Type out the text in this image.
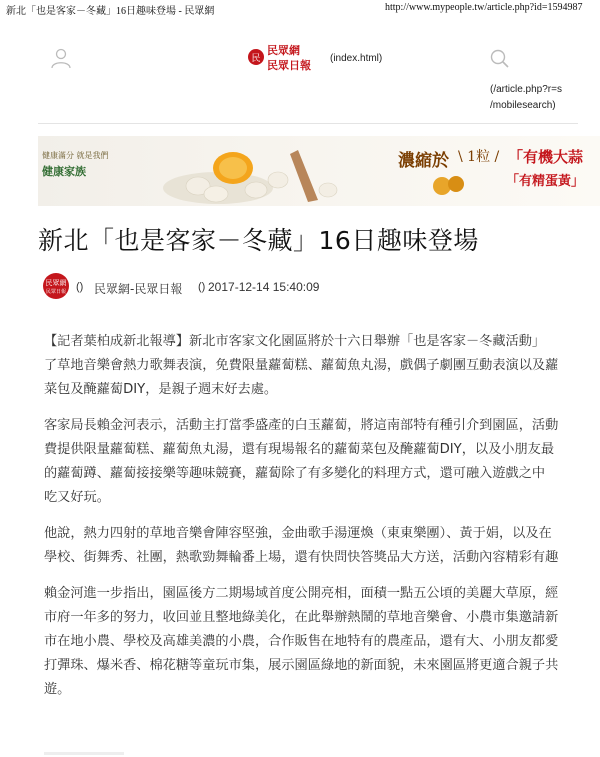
新北「也是客家－冬藏」16日趣味登場 - 民眾網	http://www.mypeople.tw/article.php?id=1594987
民
民眾網
民眾日報
(index.html)
(/article.php?r=s
/mobilesearch)
健康滿分 就是我們
健康家族
濃縮於 \ 1粒 / 「有機大蒜
「有精蛋黃」
新北「也是客家－冬藏」16日趣味登場
民眾網
民眾日報 () 民眾網-民眾日報 () 2017-12-14 15:40:09

【記者葉柏成新北報導】新北市客家文化園區將於十六日舉辦「也是客家－冬藏活動」
了草地音樂會熱力歌舞表演，免費限量蘿蔔糕、蘿蔔魚丸湯，戲偶子劇團互動表演以及蘿
菜包及醃蘿蔔DIY，是親子週末好去處。

客家局長賴金河表示，活動主打當季盛產的白玉蘿蔔，將這南部特有種引介到園區，活動
費提供限量蘿蔔糕、蘿蔔魚丸湯，還有現場報名的蘿蔔菜包及醃蘿蔔DIY，以及小朋友最
的蘿蔔蹲、蘿蔔接接樂等趣味競賽，蘿蔔除了有多變化的料理方式，還可融入遊戲之中
吃又好玩。

他說，熱力四射的草地音樂會陣容堅強，金曲歌手湯運煥（東東樂團）、黃于娟，以及在
學校、街舞秀、社團，熱歌勁舞輪番上場，還有快問快答獎品大方送，活動內容精彩有趣

賴金河進一步指出，園區後方二期場域首度公開亮相，面積一點五公頃的美麗大草原，經
市府一年多的努力，收回並且整地綠美化，在此舉辦熱鬧的草地音樂會、小農市集邀請新
市在地小農、學校及高雄美濃的小農，合作販售在地特有的農產品，還有大、小朋友都愛
打彈珠、爆米香、棉花糖等童玩市集，展示園區綠地的新面貌，未來園區將更適合親子共
遊。
